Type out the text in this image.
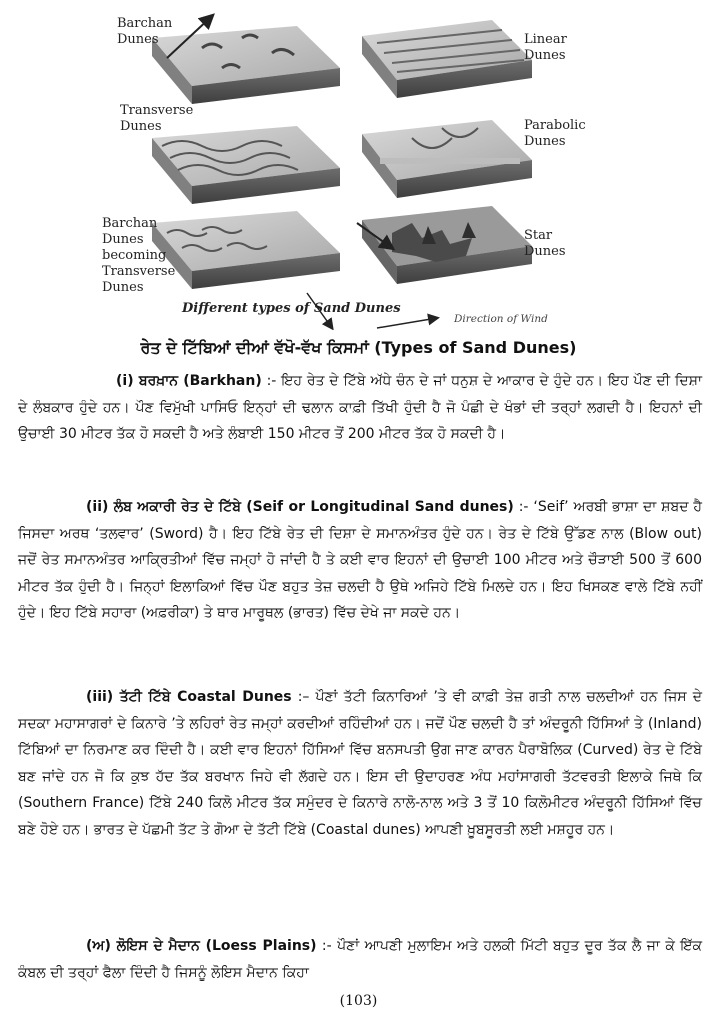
Barchan
Dunes	Linear
Dunes
Transverse
Dunes	Parabolic
Dunes
Barchan
Dunes
becoming
Transverse
Dunes
Star
Dunes
Different types of Sand Dunes
Direction of Wind
ਰੇਤ ਦੇ ਟਿੱਬਿਆਂ ਦੀਆਂ ਵੱਖੋ-ਵੱਖ ਕਿਸਮਾਂ (Types of Sand Dunes)
(i) ਬਰਖ਼ਾਨ (Barkhan) :- ਇਹ ਰੇਤ ਦੇ ਟਿੱਬੇ ਅੱਧੇ ਚੰਨ ਦੇ ਜਾਂ ਧਨੁਸ਼ ਦੇ ਆਕਾਰ ਦੇ ਹੁੰਦੇ ਹਨ। ਇਹ ਪੌਣ ਦੀ ਦਿਸ਼ਾ ਦੇ ਲੰਬਕਾਰ ਹੁੰਦੇ ਹਨ। ਪੌਣ ਵਿਮੁੱਖੀ ਪਾਸਿਓ ਇਨ੍ਹਾਂ ਦੀ ਢਲਾਨ ਕਾਫ਼ੀ ਤਿੱਖੀ ਹੁੰਦੀ ਹੈ ਜੋ ਪੰਛੀ ਦੇ ਖੰਭਾਂ ਦੀ ਤਰ੍ਹਾਂ ਲਗਦੀ ਹੈ। ਇਹਨਾਂ ਦੀ ਉਚਾਈ 30 ਮੀਟਰ ਤੱਕ ਹੋ ਸਕਦੀ ਹੈ ਅਤੇ ਲੰਬਾਈ 150 ਮੀਟਰ ਤੋਂ 200 ਮੀਟਰ ਤੱਕ ਹੋ ਸਕਦੀ ਹੈ।
(ii) ਲੰਬ ਅਕਾਰੀ ਰੇਤ ਦੇ ਟਿੱਬੇ (Seif or Longitudinal Sand dunes) :- ‘Seif’ ਅਰਬੀ ਭਾਸ਼ਾ ਦਾ ਸ਼ਬਦ ਹੈ ਜਿਸਦਾ ਅਰਥ ‘ਤਲਵਾਰ’ (Sword) ਹੈ। ਇਹ ਟਿੱਬੇ ਰੇਤ ਦੀ ਦਿਸ਼ਾ ਦੇ ਸਮਾਨਅੰਤਰ ਹੁੰਦੇ ਹਨ। ਰੇਤ ਦੇ ਟਿੱਬੇ ਉੱਡਣ ਨਾਲ (Blow out) ਜਦੋਂ ਰੇਤ ਸਮਾਨਅੰਤਰ ਆਕ੍ਰਿਤੀਆਂ ਵਿੱਚ ਜਮ੍ਹਾਂ ਹੋ ਜਾਂਦੀ ਹੈ ਤੇ ਕਈ ਵਾਰ ਇਹਨਾਂ ਦੀ ਉਚਾਈ 100 ਮੀਟਰ ਅਤੇ ਚੌੜਾਈ 500 ਤੋਂ 600 ਮੀਟਰ ਤੱਕ ਹੁੰਦੀ ਹੈ। ਜਿਨ੍ਹਾਂ ਇਲਾਕਿਆਂ ਵਿੱਚ ਪੌਣ ਬਹੁਤ ਤੇਜ਼ ਚਲਦੀ ਹੈ ਉਥੇ ਅਜਿਹੇ ਟਿੱਬੇ ਮਿਲਦੇ ਹਨ। ਇਹ ਖਿਸਕਣ ਵਾਲੇ ਟਿੱਬੇ ਨਹੀਂ ਹੁੰਦੇ। ਇਹ ਟਿੱਬੇ ਸਹਾਰਾ (ਅਫ਼ਰੀਕਾ) ਤੇ ਥਾਰ ਮਾਰੂਥਲ (ਭਾਰਤ) ਵਿੱਚ ਦੇਖੇ ਜਾ ਸਕਦੇ ਹਨ।
(iii) ਤੱਟੀ ਟਿੱਬੇ Coastal Dunes :– ਪੌਣਾਂ ਤੱਟੀ ਕਿਨਾਰਿਆਂ ’ਤੇ ਵੀ ਕਾਫ਼ੀ ਤੇਜ਼ ਗਤੀ ਨਾਲ ਚਲਦੀਆਂ ਹਨ ਜਿਸ ਦੇ ਸਦਕਾ ਮਹਾਸਾਗਰਾਂ ਦੇ ਕਿਨਾਰੇ ’ਤੇ ਲਹਿਰਾਂ ਰੇਤ ਜਮ੍ਹਾਂ ਕਰਦੀਆਂ ਰਹਿੰਦੀਆਂ ਹਨ। ਜਦੋਂ ਪੌਣ ਚਲਦੀ ਹੈ ਤਾਂ ਅੰਦਰੂਨੀ ਹਿੱਸਿਆਂ ਤੇ (Inland) ਟਿੱਬਿਆਂ ਦਾ ਨਿਰਮਾਣ ਕਰ ਦਿੰਦੀ ਹੈ। ਕਈ ਵਾਰ ਇਹਨਾਂ ਹਿੱਸਿਆਂ ਵਿੱਚ ਬਨਸਪਤੀ ਉਗ ਜਾਣ ਕਾਰਨ ਪੈਰਾਬੋਲਿਕ (Curved) ਰੇਤ ਦੇ ਟਿੱਬੇ ਬਣ ਜਾਂਦੇ ਹਨ ਜੋ ਕਿ ਕੁਝ ਹੱਦ ਤੱਕ ਬਰਖਾਨ ਜਿਹੇ ਵੀ ਲੱਗਦੇ ਹਨ। ਇਸ ਦੀ ਉਦਾਹਰਣ ਅੰਧ ਮਹਾਂਸਾਗਰੀ ਤੱਟਵਰਤੀ ਇਲਾਕੇ ਜਿਥੇ ਕਿ (Southern France) ਟਿੱਬੇ 240 ਕਿਲੋ ਮੀਟਰ ਤੱਕ ਸਮੁੰਦਰ ਦੇ ਕਿਨਾਰੇ ਨਾਲੋ-ਨਾਲ ਅਤੇ 3 ਤੋਂ 10 ਕਿਲੋਮੀਟਰ ਅੰਦਰੂਨੀ ਹਿੱਸਿਆਂ ਵਿੱਚ ਬਣੇ ਹੋਏ ਹਨ। ਭਾਰਤ ਦੇ ਪੱਛਮੀ ਤੱਟ ਤੇ ਗੋਆ ਦੇ ਤੱਟੀ ਟਿੱਬੇ (Coastal dunes) ਆਪਣੀ ਖ਼ੂਬਸੂਰਤੀ ਲਈ ਮਸ਼ਹੂਰ ਹਨ।
(ਅ) ਲੋਇਸ ਦੇ ਮੈਦਾਨ (Loess Plains) :- ਪੌਣਾਂ ਆਪਣੀ ਮੁਲਾਇਮ ਅਤੇ ਹਲਕੀ ਮਿੱਟੀ ਬਹੁਤ ਦੂਰ ਤੱਕ ਲੈ ਜਾ ਕੇ ਇੱਕ ਕੰਬਲ ਦੀ ਤਰ੍ਹਾਂ ਫੈਲਾ ਦਿੰਦੀ ਹੈ ਜਿਸਨੂੰ ਲੋਇਸ ਮੈਦਾਨ ਕਿਹਾ
(103)
